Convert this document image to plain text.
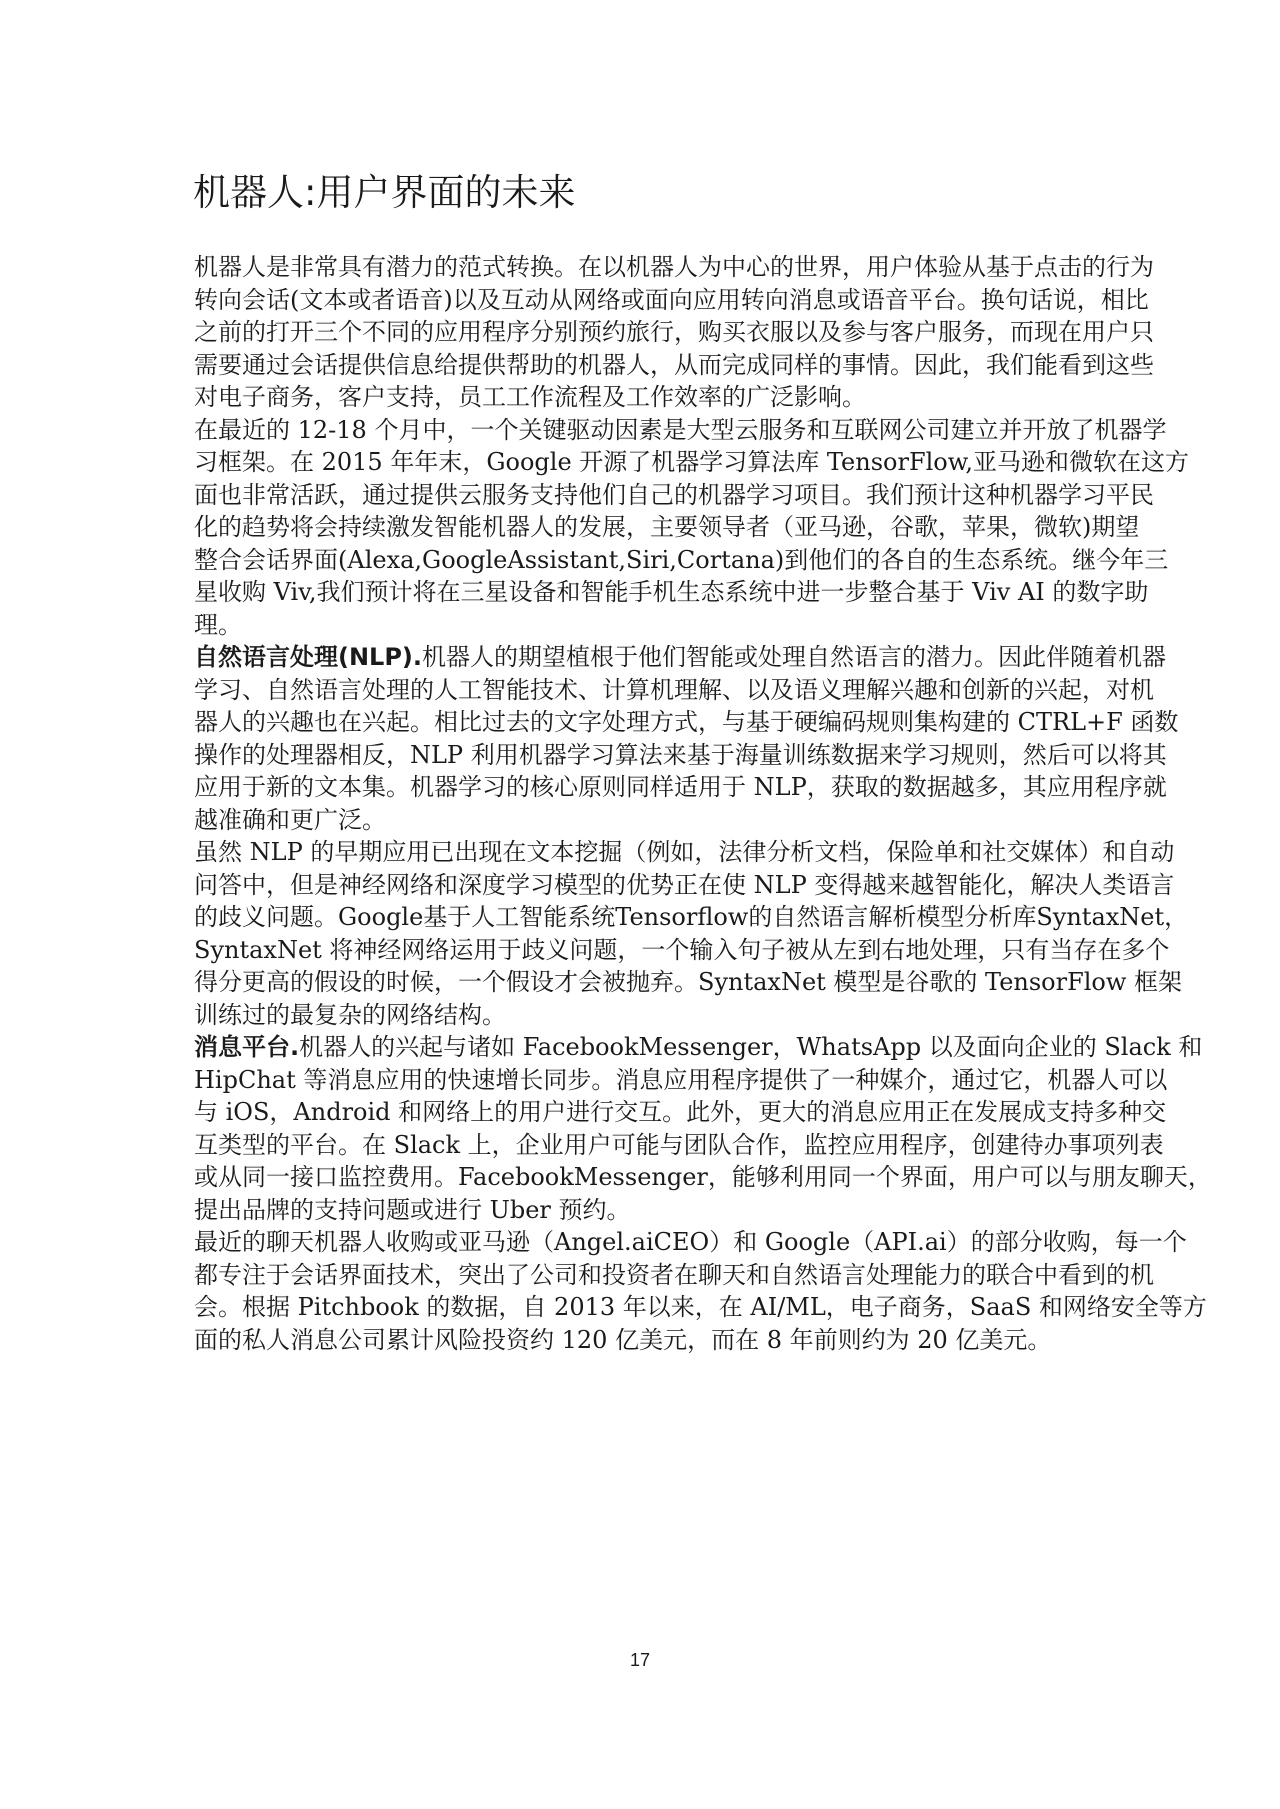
机器人:用户界面的未来
机器人是非常具有潜力的范式转换。在以机器人为中心的世界，用户体验从基于点击的行为
转向会话(文本或者语音)以及互动从网络或面向应用转向消息或语音平台。换句话说，相比
之前的打开三个不同的应用程序分别预约旅行，购买衣服以及参与客户服务，而现在用户只
需要通过会话提供信息给提供帮助的机器人，从而完成同样的事情。因此，我们能看到这些
对电子商务，客户支持，员工工作流程及工作效率的广泛影响。
在最近的 12-18 个月中，一个关键驱动因素是大型云服务和互联网公司建立并开放了机器学
习框架。在 2015 年年末，Google 开源了机器学习算法库 TensorFlow,亚马逊和微软在这方
面也非常活跃，通过提供云服务支持他们自己的机器学习项目。我们预计这种机器学习平民
化的趋势将会持续激发智能机器人的发展，主要领导者（亚马逊，谷歌，苹果，微软)期望
整合会话界面(Alexa,GoogleAssistant,Siri,Cortana)到他们的各自的生态系统。继今年三
星收购 Viv,我们预计将在三星设备和智能手机生态系统中进一步整合基于 Viv AI 的数字助
理。
自然语言处理(NLP).机器人的期望植根于他们智能或处理自然语言的潜力。因此伴随着机器
学习、自然语言处理的人工智能技术、计算机理解、以及语义理解兴趣和创新的兴起，对机
器人的兴趣也在兴起。相比过去的文字处理方式，与基于硬编码规则集构建的 CTRL+F 函数
操作的处理器相反，NLP 利用机器学习算法来基于海量训练数据来学习规则，然后可以将其
应用于新的文本集。机器学习的核心原则同样适用于 NLP，获取的数据越多，其应用程序就
越准确和更广泛。
虽然 NLP 的早期应用已出现在文本挖掘（例如，法律分析文档，保险单和社交媒体）和自动
问答中，但是神经网络和深度学习模型的优势正在使 NLP 变得越来越智能化，解决人类语言
的歧义问题。Google基于人工智能系统Tensorflow的自然语言解析模型分析库SyntaxNet，
SyntaxNet 将神经网络运用于歧义问题，一个输入句子被从左到右地处理，只有当存在多个
得分更高的假设的时候，一个假设才会被抛弃。SyntaxNet 模型是谷歌的 TensorFlow 框架
训练过的最复杂的网络结构。
消息平台.机器人的兴起与诸如 FacebookMessenger，WhatsApp 以及面向企业的 Slack 和
HipChat 等消息应用的快速增长同步。消息应用程序提供了一种媒介，通过它，机器人可以
与 iOS，Android 和网络上的用户进行交互。此外，更大的消息应用正在发展成支持多种交
互类型的平台。在 Slack 上，企业用户可能与团队合作，监控应用程序，创建待办事项列表
或从同一接口监控费用。FacebookMessenger，能够利用同一个界面，用户可以与朋友聊天，
提出品牌的支持问题或进行 Uber 预约。
最近的聊天机器人收购或亚马逊（Angel.aiCEO）和 Google（API.ai）的部分收购，每一个
都专注于会话界面技术，突出了公司和投资者在聊天和自然语言处理能力的联合中看到的机
会。根据 Pitchbook 的数据，自 2013 年以来，在 AI/ML，电子商务，SaaS 和网络安全等方
面的私人消息公司累计风险投资约 120 亿美元，而在 8 年前则约为 20 亿美元。
17
